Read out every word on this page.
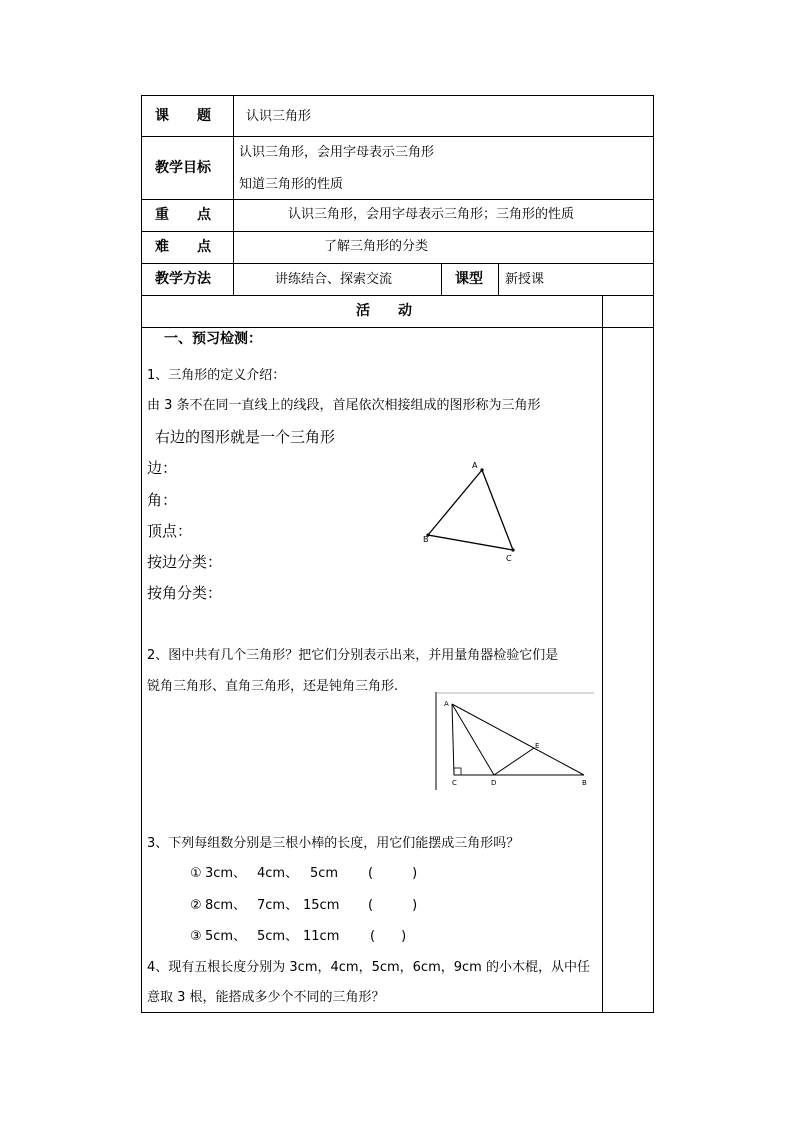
课　　题	认识三角形
教学目标
认识三角形，会用字母表示三角形
知道三角形的性质
重　　点	认识三角形，会用字母表示三角形；三角形的性质
难　　点	了解三角形的分类
教学方法	讲练结合、探索交流	课型 新授课
活　　动
一、预习检测：
1、三角形的定义介绍：
由 3 条不在同一直线上的线段，首尾依次相接组成的图形称为三角形
右边的图形就是一个三角形
边：
角：
顶点：
按边分类：
按角分类：
A
B
C
2、图中共有几个三角形？把它们分别表示出来，并用量角器检验它们是
锐角三角形、直角三角形，还是钝角三角形.
A
E
C	D	B
3、下列每组数分别是三根小棒的长度，用它们能摆成三角形吗？
① 3cm、 4cm、 5cm (　　　)
② 8cm、 7cm、 15cm (　　　)
③ 5cm、 5cm、 11cm (　　)
4、现有五根长度分别为 3cm，4cm，5cm，6cm，9cm 的小木棍，从中任
意取 3 根，能搭成多少个不同的三角形？
